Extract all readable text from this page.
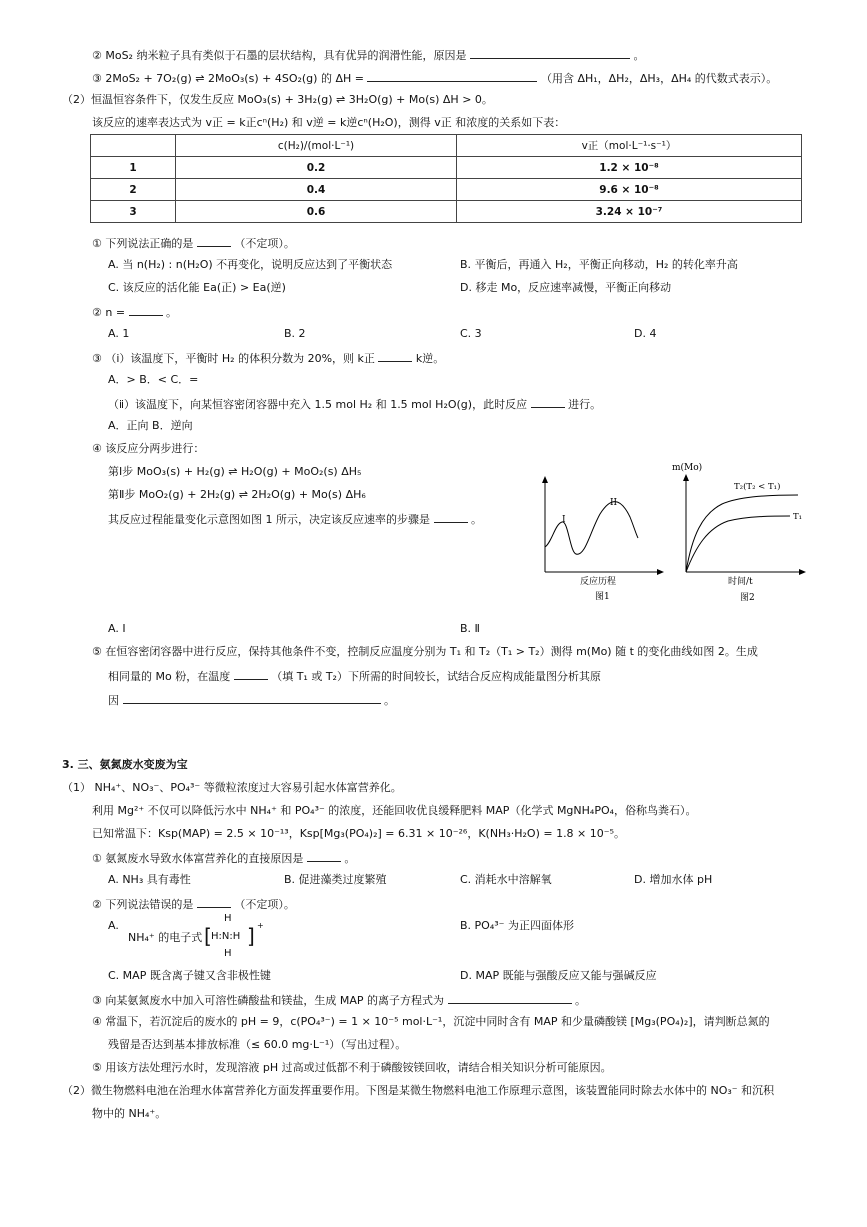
② MoS₂ 纳米粒子具有类似于石墨的层状结构，具有优异的润滑性能，原因是	。
③ 2MoS₂ + 7O₂(g) ⇌ 2MoO₃(s) + 4SO₂(g) 的 ΔH =	（用含 ΔH₁，ΔH₂，ΔH₃，ΔH₄ 的代数式表示）。
（2）恒温恒容条件下，仅发生反应 MoO₃(s) + 3H₂(g) ⇌ 3H₂O(g) + Mo(s) ΔH > 0。
该反应的速率表达式为 v正 = k正cⁿ(H₂) 和 v逆 = k逆cⁿ(H₂O)，测得 v正 和浓度的关系如下表：
	c(H₂)/(mol·L⁻¹)	v正（mol·L⁻¹·s⁻¹）
1	0.2	1.2 × 10⁻⁸
2	0.4	9.6 × 10⁻⁸
3	0.6	3.24 × 10⁻⁷
① 下列说法正确的是	（不定项）。
A. 当 n(H₂) : n(H₂O) 不再变化，说明反应达到了平衡状态	B. 平衡后，再通入 H₂，平衡正向移动，H₂ 的转化率升高
C. 该反应的活化能 Ea(正) > Ea(逆)	D. 移走 Mo，反应速率减慢，平衡正向移动
② n =	。
A. 1	B. 2	C. 3	D. 4
③ （ⅰ）该温度下，平衡时 H₂ 的体积分数为 20%，则 k正	k逆。
A．> B．< C．=
（ⅱ）该温度下，向某恒容密闭容器中充入 1.5 mol H₂ 和 1.5 mol H₂O(g)，此时反应	进行。
A．正向 B．逆向
④ 该反应分两步进行：
第Ⅰ步 MoO₃(s) + H₂(g) ⇌ H₂O(g) + MoO₂(s) ΔH₅
第Ⅱ步 MoO₂(g) + 2H₂(g) ⇌ 2H₂O(g) + Mo(s) ΔH₆
其反应过程能量变化示意图如图 1 所示，决定该反应速率的步骤是	。	I
II
反应历程
图1
m(Mo)
T₂(T₂ < T₁)
T₁
时间/t
图2
A. Ⅰ	B. Ⅱ
⑤ 在恒容密闭容器中进行反应，保持其他条件不变，控制反应温度分别为 T₁ 和 T₂（T₁ > T₂）测得 m(Mo) 随 t 的变化曲线如图 2。生成
相同量的 Mo 粉，在温度	（填 T₁ 或 T₂）下所需的时间较长，试结合反应构成能量图分析其原
因	。
3. 三、氨氮废水变废为宝
（1） NH₄⁺、NO₃⁻、PO₄³⁻ 等微粒浓度过大容易引起水体富营养化。
利用 Mg²⁺ 不仅可以降低污水中 NH₄⁺ 和 PO₄³⁻ 的浓度，还能回收优良缓释肥料 MAP（化学式 MgNH₄PO₄，俗称鸟粪石）。
已知常温下：Ksp(MAP) = 2.5 × 10⁻¹³，Ksp[Mg₃(PO₄)₂] = 6.31 × 10⁻²⁶，K(NH₃·H₂O) = 1.8 × 10⁻⁵。
① 氨氮废水导致水体富营养化的直接原因是	。
A. NH₃ 具有毒性	B. 促进藻类过度繁殖	C. 消耗水中溶解氧	D. 增加水体 pH
② 下列说法错误的是	（不定项）。
A.
NH₄⁺ 的电子式 [
H
H:N:H
H
] +	B. PO₄³⁻ 为正四面体形
C. MAP 既含离子键又含非极性键	D. MAP 既能与强酸反应又能与强碱反应
③ 向某氨氮废水中加入可溶性磷酸盐和镁盐，生成 MAP 的离子方程式为	。
④ 常温下，若沉淀后的废水的 pH = 9，c(PO₄³⁻) = 1 × 10⁻⁵ mol·L⁻¹，沉淀中同时含有 MAP 和少量磷酸镁 [Mg₃(PO₄)₂]，请判断总氮的
残留是否达到基本排放标准（≤ 60.0 mg·L⁻¹）（写出过程）。
⑤ 用该方法处理污水时，发现溶液 pH 过高或过低都不利于磷酸铵镁回收，请结合相关知识分析可能原因。
（2）微生物燃料电池在治理水体富营养化方面发挥重要作用。下图是某微生物燃料电池工作原理示意图，该装置能同时除去水体中的 NO₃⁻ 和沉积
物中的 NH₄⁺。
